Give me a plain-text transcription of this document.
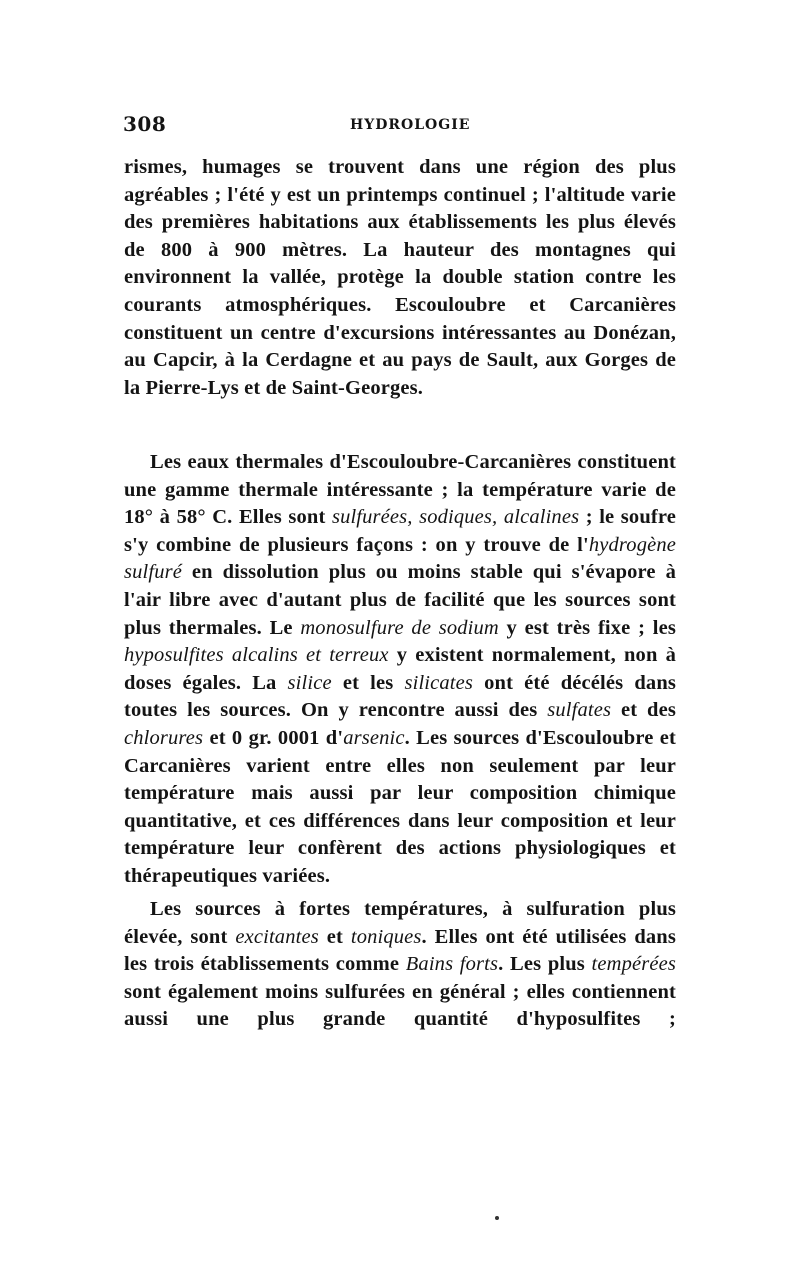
308	HYDROLOGIE

rismes, humages se trouvent dans une région des plus agréables ; l'été y est un printemps continuel ; l'altitude varie des premières habitations aux établissements les plus élevés de 800 à 900 mètres. La hauteur des montagnes qui environnent la vallée, protège la double station contre les courants atmosphériques. Escouloubre et Carcanières constituent un centre d'excursions intéressantes au Donézan, au Capcir, à la Cerdagne et au pays de Sault, aux Gorges de la Pierre-Lys et de Saint-Georges.

Les eaux thermales d'Escouloubre-Carcanières constituent une gamme thermale intéressante ; la température varie de 18° à 58° C. Elles sont sulfurées, sodiques, alcalines ; le soufre s'y combine de plusieurs façons : on y trouve de l'hydrogène sulfuré en dissolution plus ou moins stable qui s'évapore à l'air libre avec d'autant plus de facilité que les sources sont plus thermales. Le monosulfure de sodium y est très fixe ; les hyposulfites alcalins et terreux y existent normalement, non à doses égales. La silice et les silicates ont été décélés dans toutes les sources. On y rencontre aussi des sulfates et des chlorures et 0 gr. 0001 d'arsenic. Les sources d'Escouloubre et Carcanières varient entre elles non seulement par leur température mais aussi par leur composition chimique quantitative, et ces différences dans leur composition et leur température leur confèrent des actions physiologiques et thérapeutiques variées.

Les sources à fortes températures, à sulfuration plus élevée, sont excitantes et toniques. Elles ont été utilisées dans les trois établissements comme Bains forts. Les plus tempérées sont également moins sulfurées en général ; elles contiennent aussi une plus grande quantité d'hyposulfites ;
